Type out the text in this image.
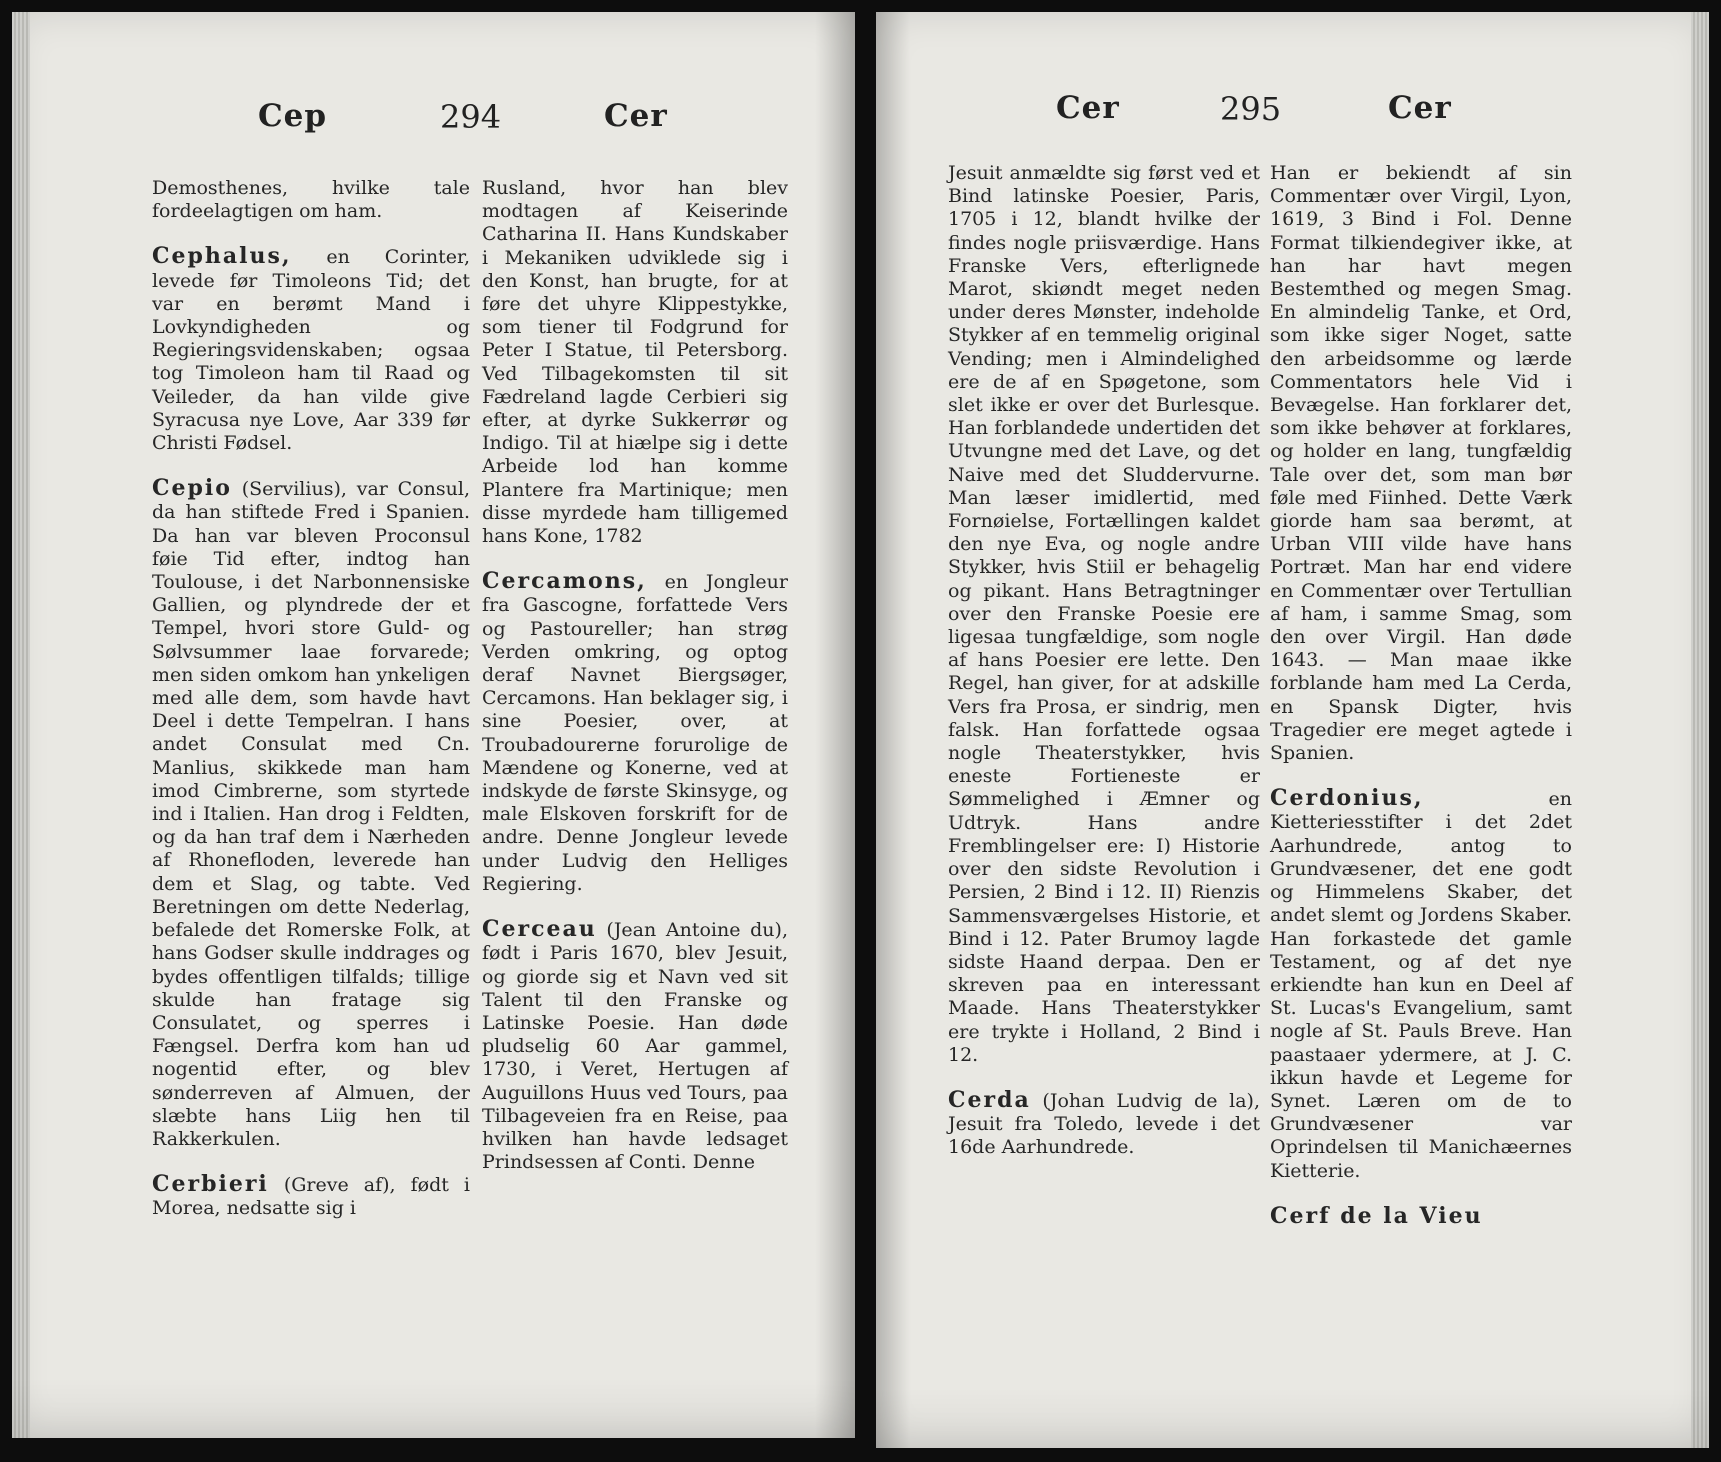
Cep	294	Cer

Demosthenes, hvilke tale fordeelagtigen om ham.

Cephalus, en Corinter, levede før Timoleons Tid; det var en berømt Mand i Lovkyndigheden og Regieringsvidenskaben; ogsaa tog Timoleon ham til Raad og Veileder, da han vilde give Syracusa nye Love, Aar 339 før Christi Fødsel.

Cepio (Servilius), var Consul, da han stiftede Fred i Spanien. Da han var bleven Proconsul føie Tid efter, indtog han Toulouse, i det Narbonnensiske Gallien, og plyndrede der et Tempel, hvori store Guld- og Sølvsummer laae forvarede; men siden omkom han ynkeligen med alle dem, som havde havt Deel i dette Tempelran. I hans andet Consulat med Cn. Manlius, skikkede man ham imod Cimbrerne, som styrtede ind i Italien. Han drog i Feldten, og da han traf dem i Nærheden af Rhonefloden, leverede han dem et Slag, og tabte. Ved Beretningen om dette Nederlag, befalede det Romerske Folk, at hans Godser skulle inddrages og bydes offentligen tilfalds; tillige skulde han fratage sig Consulatet, og sperres i Fængsel. Derfra kom han ud nogentid efter, og blev sønderreven af Almuen, der slæbte hans Liig hen til Rakkerkulen.

Cerbieri (Greve af), født i Morea, nedsatte sig i

Rusland, hvor han blev modtagen af Keiserinde Catharina II. Hans Kundskaber i Mekaniken udviklede sig i den Konst, han brugte, for at føre det uhyre Klippestykke, som tiener til Fodgrund for Peter I Statue, til Petersborg. Ved Tilbagekomsten til sit Fædreland lagde Cerbieri sig efter, at dyrke Sukkerrør og Indigo. Til at hiælpe sig i dette Arbeide lod han komme Plantere fra Martinique; men disse myrdede ham tilligemed hans Kone, 1782

Cercamons, en Jongleur fra Gascogne, forfattede Vers og Pastoureller; han strøg Verden omkring, og optog deraf Navnet Biergsøger, Cercamons. Han beklager sig, i sine Poesier, over, at Troubadourerne forurolige de Mændene og Konerne, ved at indskyde de første Skinsyge, og male Elskoven forskrift for de andre. Denne Jongleur levede under Ludvig den Helliges Regiering.

Cerceau (Jean Antoine du), født i Paris 1670, blev Jesuit, og giorde sig et Navn ved sit Talent til den Franske og Latinske Poesie. Han døde pludselig 60 Aar gammel, 1730, i Veret, Hertugen af Auguillons Huus ved Tours, paa Tilbageveien fra en Reise, paa hvilken han havde ledsaget Prindsessen af Conti. Denne

Cer	295	Cer

Jesuit anmældte sig først ved et Bind latinske Poesier, Paris, 1705 i 12, blandt hvilke der findes nogle priisværdige. Hans Franske Vers, efterlignede Marot, skiøndt meget neden under deres Mønster, indeholde Stykker af en temmelig original Vending; men i Almindelighed ere de af en Spøgetone, som slet ikke er over det Burlesque. Han forblandede undertiden det Utvungne med det Lave, og det Naive med det Sluddervurne. Man læser imidlertid, med Fornøielse, Fortællingen kaldet den nye Eva, og nogle andre Stykker, hvis Stiil er behagelig og pikant. Hans Betragtninger over den Franske Poesie ere ligesaa tungfældige, som nogle af hans Poesier ere lette. Den Regel, han giver, for at adskille Vers fra Prosa, er sindrig, men falsk. Han forfattede ogsaa nogle Theaterstykker, hvis eneste Fortieneste er Sømmelighed i Æmner og Udtryk. Hans andre Fremblingelser ere: I) Historie over den sidste Revolution i Persien, 2 Bind i 12. II) Rienzis Sammensværgelses Historie, et Bind i 12. Pater Brumoy lagde sidste Haand derpaa. Den er skreven paa en interessant Maade. Hans Theaterstykker ere trykte i Holland, 2 Bind i 12.

Cerda (Johan Ludvig de la), Jesuit fra Toledo, levede i det 16de Aarhundrede.

Han er bekiendt af sin Commentær over Virgil, Lyon, 1619, 3 Bind i Fol. Denne Format tilkiendegiver ikke, at han har havt megen Bestemthed og megen Smag. En almindelig Tanke, et Ord, som ikke siger Noget, satte den arbeidsomme og lærde Commentators hele Vid i Bevægelse. Han forklarer det, som ikke behøver at forklares, og holder en lang, tungfældig Tale over det, som man bør føle med Fiinhed. Dette Værk giorde ham saa berømt, at Urban VIII vilde have hans Portræt. Man har end videre en Commentær over Tertullian af ham, i samme Smag, som den over Virgil. Han døde 1643. — Man maae ikke forblande ham med La Cerda, en Spansk Digter, hvis Tragedier ere meget agtede i Spanien.

Cerdonius, en Kietteriesstifter i det 2det Aarhundrede, antog to Grundvæsener, det ene godt og Himmelens Skaber, det andet slemt og Jordens Skaber. Han forkastede det gamle Testament, og af det nye erkiendte han kun en Deel af St. Lucas's Evangelium, samt nogle af St. Pauls Breve. Han paastaaer ydermere, at J. C. ikkun havde et Legeme for Synet. Læren om de to Grundvæsener var Oprindelsen til Manichæernes Kietterie.

Cerf de la Vieu
